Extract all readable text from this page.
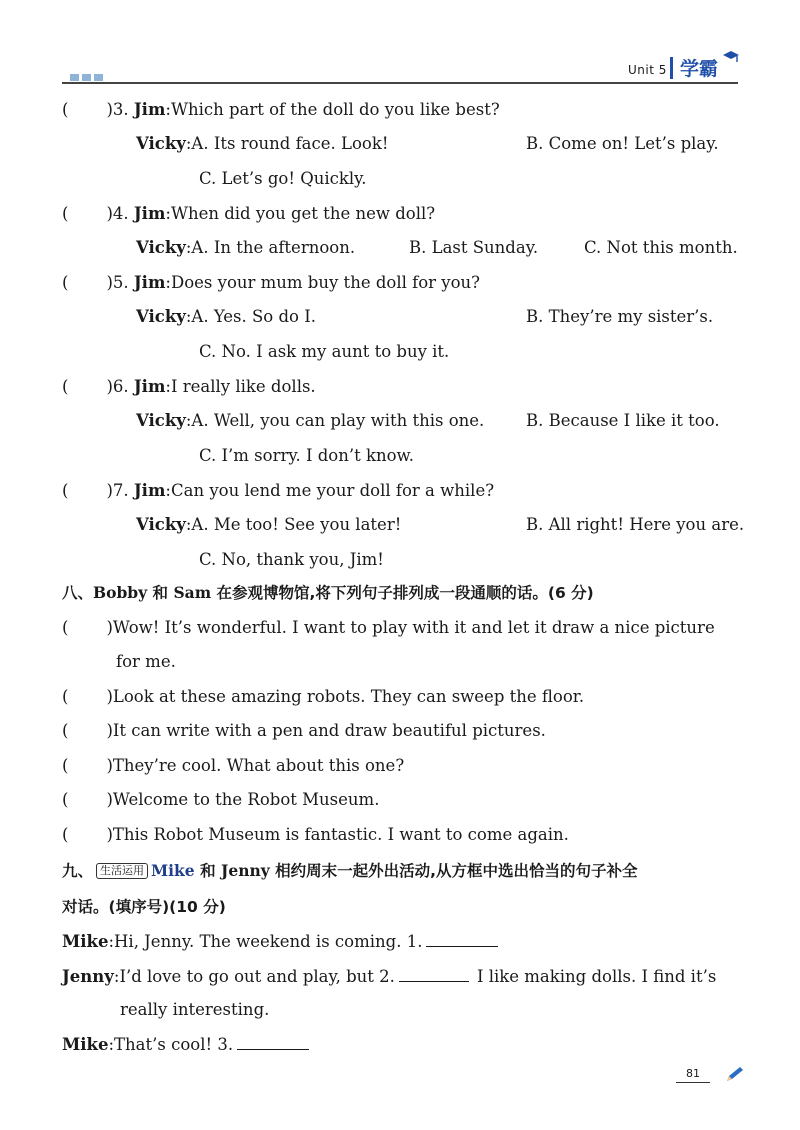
Unit 5 学霸
( )3. Jim:Which part of the doll do you like best?
Vicky:A. Its round face. Look!	B. Come on! Let’s play.
C. Let’s go! Quickly.
( )4. Jim:When did you get the new doll?
Vicky:A. In the afternoon.	B. Last Sunday.	C. Not this month.
( )5. Jim:Does your mum buy the doll for you?
Vicky:A. Yes. So do I.	B. They’re my sister’s.
C. No. I ask my aunt to buy it.
( )6. Jim:I really like dolls.
Vicky:A. Well, you can play with this one.	B. Because I like it too.
C. I’m sorry. I don’t know.
( )7. Jim:Can you lend me your doll for a while?
Vicky:A. Me too! See you later!	B. All right! Here you are.
C. No, thank you, Jim!
八、Bobby 和 Sam 在参观博物馆,将下列句子排列成一段通顺的话。(6 分)
( )Wow! It’s wonderful. I want to play with it and let it draw a nice picture
for me.
( )Look at these amazing robots. They can sweep the floor.
( )It can write with a pen and draw beautiful pictures.
( )They’re cool. What about this one?
( )Welcome to the Robot Museum.
( )This Robot Museum is fantastic. I want to come again.
九、 生活运用 Mike 和 Jenny 相约周末一起外出活动,从方框中选出恰当的句子补全
对话。(填序号)(10 分)
Mike:Hi, Jenny. The weekend is coming. 1.
Jenny:I’d love to go out and play, but 2.	I like making dolls. I find it’s
really interesting.
Mike:That’s cool! 3.
81
